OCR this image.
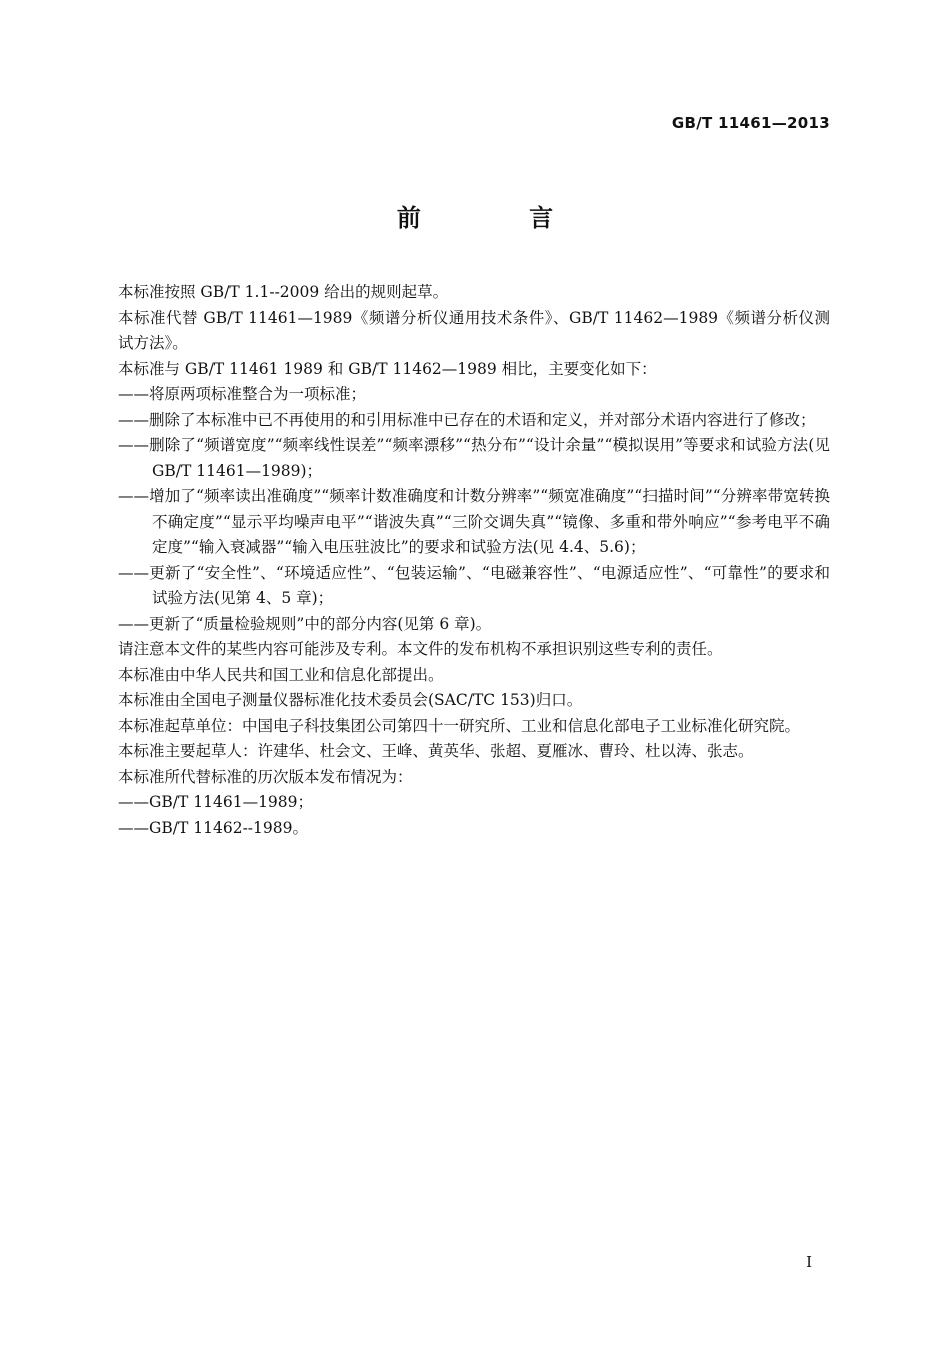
GB/T 11461—2013
前 言

本标准按照 GB/T 1.1--2009 给出的规则起草。

本标准代替 GB/T 11461—1989《频谱分析仪通用技术条件》、GB/T 11462—1989《频谱分析仪测试方法》。

本标准与 GB/T 11461 1989 和 GB/T 11462—1989 相比，主要变化如下：

——将原两项标准整合为一项标准；

——删除了本标准中已不再使用的和引用标准中已存在的术语和定义，并对部分术语内容进行了修改；

——删除了“频谱宽度”“频率线性误差”“频率漂移”“热分布”“设计余量”“模拟误用”等要求和试验方法(见 GB/T 11461—1989)；

——增加了“频率读出准确度”“频率计数准确度和计数分辨率”“频宽准确度”“扫描时间”“分辨率带宽转换不确定度”“显示平均噪声电平”“谐波失真”“三阶交调失真”“镜像、多重和带外响应”“参考电平不确定度”“输入衰减器”“输入电压驻波比”的要求和试验方法(见 4.4、5.6)；

——更新了“安全性”、“环境适应性”、“包装运输”、“电磁兼容性”、“电源适应性”、“可靠性”的要求和试验方法(见第 4、5 章)；

——更新了“质量检验规则”中的部分内容(见第 6 章)。

请注意本文件的某些内容可能涉及专利。本文件的发布机构不承担识别这些专利的责任。

本标准由中华人民共和国工业和信息化部提出。

本标准由全国电子测量仪器标准化技术委员会(SAC/TC 153)归口。

本标准起草单位：中国电子科技集团公司第四十一研究所、工业和信息化部电子工业标准化研究院。

本标准主要起草人：许建华、杜会文、王峰、黄英华、张超、夏雁冰、曹玲、杜以涛、张志。

本标准所代替标准的历次版本发布情况为：

——GB/T 11461—1989；

——GB/T 11462--1989。

I
